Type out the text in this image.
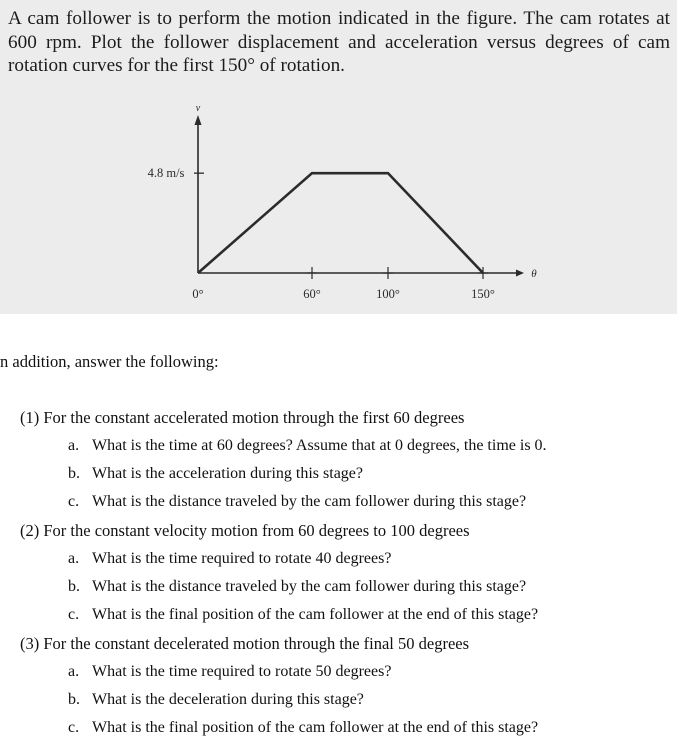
A cam follower is to perform the motion indicated in the figure. The cam rotates at 600 rpm. Plot the follower displacement and acceleration versus degrees of cam rotation curves for the first 150° of rotation.

v
θ
4.8 m/s
0°	60°	100°	150°

n addition, answer the following:

(1) For the constant accelerated motion through the first 60 degrees
a. What is the time at 60 degrees? Assume that at 0 degrees, the time is 0.
b. What is the acceleration during this stage?
c. What is the distance traveled by the cam follower during this stage?
(2) For the constant velocity motion from 60 degrees to 100 degrees
a. What is the time required to rotate 40 degrees?
b. What is the distance traveled by the cam follower during this stage?
c. What is the final position of the cam follower at the end of this stage?
(3) For the constant decelerated motion through the final 50 degrees
a. What is the time required to rotate 50 degrees?
b. What is the deceleration during this stage?
c. What is the final position of the cam follower at the end of this stage?
